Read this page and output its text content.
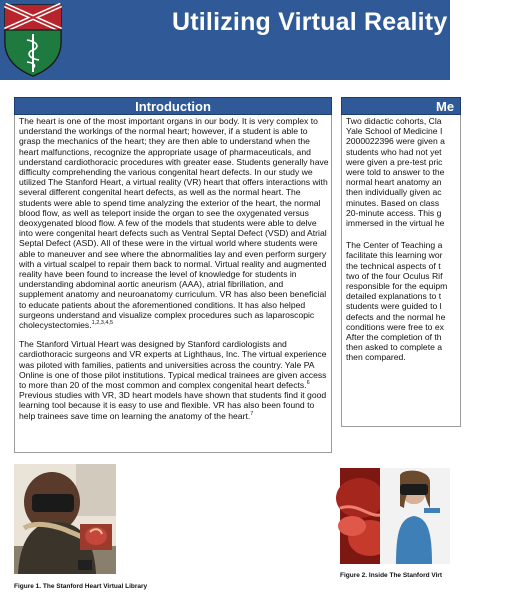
Utilizing Virtual Reality to Te
Introduction

The heart is one of the most important organs in our body. It is very complex to understand the workings of the normal heart; however, if a student is able to grasp the mechanics of the heart; they are then able to understand when the heart malfunctions, recognize the appropriate usage of pharmaceuticals, and understand cardiothoracic procedures with greater ease. Students generally have difficulty comprehending the various congenital heart defects. In our study we utilized The Stanford Heart, a virtual reality (VR) heart that offers interactions with several different congenital heart defects, as well as the normal heart. The students were able to spend time analyzing the exterior of the heart, the normal blood flow, as well as teleport inside the organ to see the oxygenated versus deoxygenated blood flow. A few of the models that students were able to delve into were congenital heart defects such as Ventral Septal Defect (VSD) and Atrial Septal Defect (ASD). All of these were in the virtual world where students were able to maneuver and see where the abnormalities lay and even perform surgery with a virtual scalpel to repair them back to normal. Virtual reality and augmented reality have been found to increase the level of knowledge for students in understanding abdominal aortic aneurism (AAA), atrial fibrillation, and supplement anatomy and neuroanatomy curriculum. VR has also been beneficial to educate patients about the aforementioned conditions. It has also helped surgeons understand and visualize complex procedures such as laparoscopic cholecystectomies.$^{1,2,3,4,5}$

The Stanford Virtual Heart was designed by Stanford cardiologists and cardiothoracic surgeons and VR experts at Lighthaus, Inc. The virtual experience was piloted with families, patients and universities across the country. Yale PA Online is one of those pilot institutions. Typical medical trainees are given access to more than 20 of the most common and complex congenital heart defects.$^6$ Previous studies with VR, 3D heart models have shown that students find it good learning tool because it is easy to use and flexible. VR has also been found to help trainees save time on learning the anatomy of the heart.$^7$

Me

Two didactic cohorts, Cla
Yale School of Medicine I
2000022396 were given a
students who had not yet
were given a pre-test pric
were told to answer to the
normal heart anatomy an
then individually given ac
minutes. Based on class
20-minute access. This g
immersed in the virtual he

The Center of Teaching a
facilitate this learning wor
the technical aspects of t
two of the four Oculus Rif
responsible for the equipm
detailed explanations to t
students were guided to l
defects and the normal he
conditions were free to ex
After the completion of th
then asked to complete a
then compared.

Figure 1. The Stanford Heart Virtual Library
Figure 2. Inside The Stanford Virt
